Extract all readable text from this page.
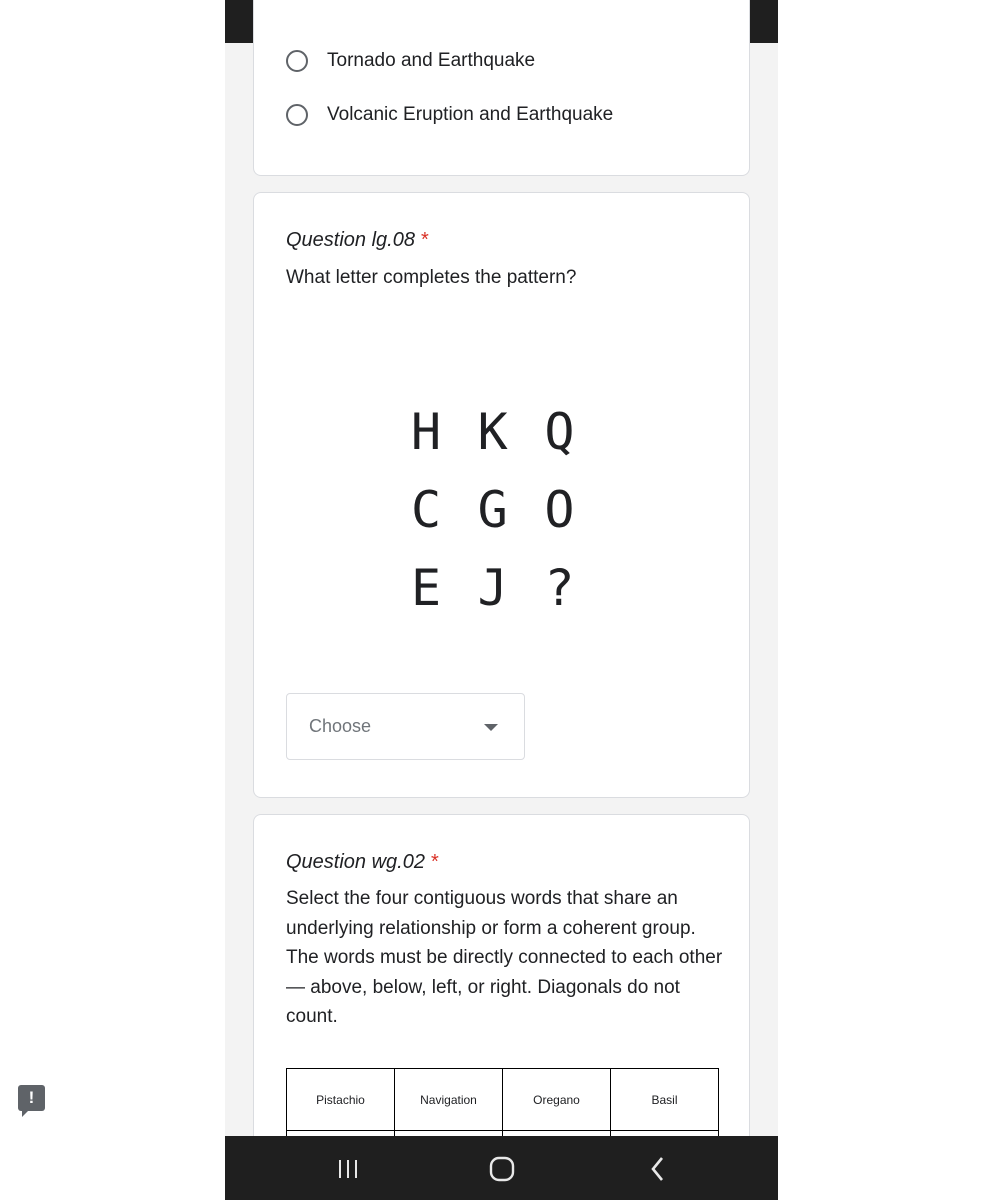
Tornado and Earthquake
Volcanic Eruption and Earthquake
Question lg.08 *
What letter completes the pattern?
H K Q
C G O
E J ?
Choose
Question wg.02 *
Select the four contiguous words that share an underlying relationship or form a coherent group. The words must be directly connected to each other — above, below, left, or right. Diagonals do not count.
Pistachio	Navigation	Oregano	Basil

!
